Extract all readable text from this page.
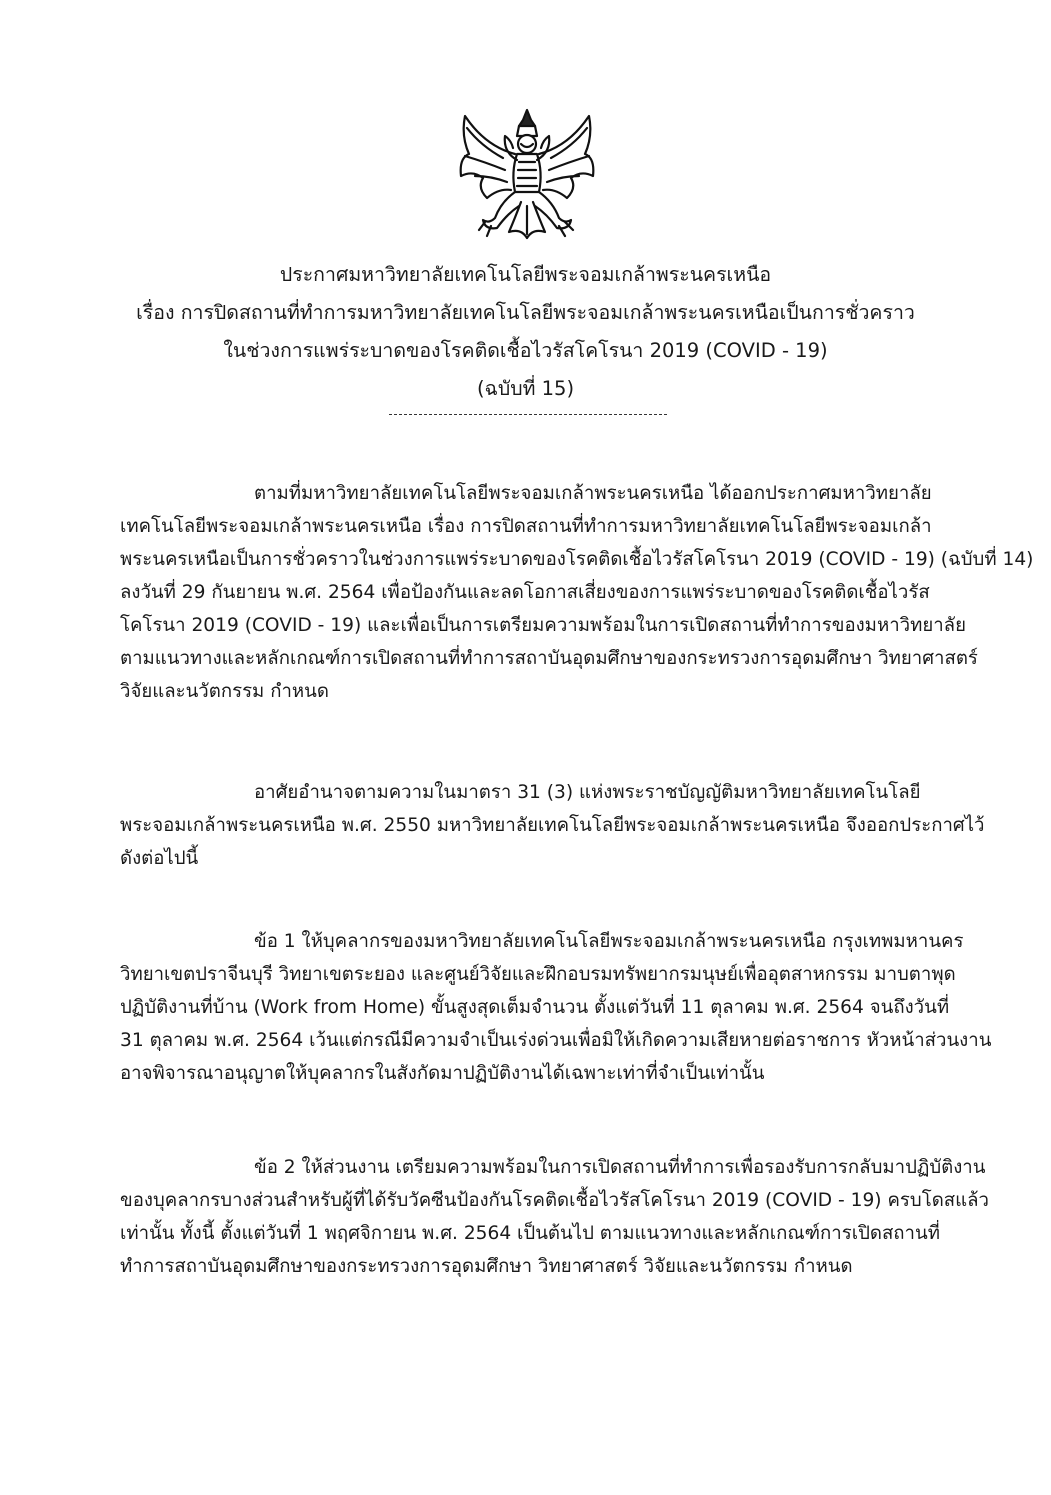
ประกาศมหาวิทยาลัยเทคโนโลยีพระจอมเกล้าพระนครเหนือ
เรื่อง การปิดสถานที่ทำการมหาวิทยาลัยเทคโนโลยีพระจอมเกล้าพระนครเหนือเป็นการชั่วคราว
ในช่วงการแพร่ระบาดของโรคติดเชื้อไวรัสโคโรนา 2019 (COVID - 19)
(ฉบับที่ 15)
ตามที่มหาวิทยาลัยเทคโนโลยีพระจอมเกล้าพระนครเหนือ ได้ออกประกาศมหาวิทยาลัย
เทคโนโลยีพระจอมเกล้าพระนครเหนือ เรื่อง การปิดสถานที่ทำการมหาวิทยาลัยเทคโนโลยีพระจอมเกล้า
พระนครเหนือเป็นการชั่วคราวในช่วงการแพร่ระบาดของโรคติดเชื้อไวรัสโคโรนา 2019 (COVID - 19) (ฉบับที่ 14)
ลงวันที่ 29 กันยายน พ.ศ. 2564 เพื่อป้องกันและลดโอกาสเสี่ยงของการแพร่ระบาดของโรคติดเชื้อไวรัส
โคโรนา 2019 (COVID - 19) และเพื่อเป็นการเตรียมความพร้อมในการเปิดสถานที่ทำการของมหาวิทยาลัย
ตามแนวทางและหลักเกณฑ์การเปิดสถานที่ทำการสถาบันอุดมศึกษาของกระทรวงการอุดมศึกษา วิทยาศาสตร์
วิจัยและนวัตกรรม กำหนด
อาศัยอำนาจตามความในมาตรา 31 (3) แห่งพระราชบัญญัติมหาวิทยาลัยเทคโนโลยี
พระจอมเกล้าพระนครเหนือ พ.ศ. 2550 มหาวิทยาลัยเทคโนโลยีพระจอมเกล้าพระนครเหนือ จึงออกประกาศไว้
ดังต่อไปนี้
ข้อ 1 ให้บุคลากรของมหาวิทยาลัยเทคโนโลยีพระจอมเกล้าพระนครเหนือ กรุงเทพมหานคร
วิทยาเขตปราจีนบุรี วิทยาเขตระยอง และศูนย์วิจัยและฝึกอบรมทรัพยากรมนุษย์เพื่ออุตสาหกรรม มาบตาพุด
ปฏิบัติงานที่บ้าน (Work from Home) ขั้นสูงสุดเต็มจำนวน ตั้งแต่วันที่ 11 ตุลาคม พ.ศ. 2564 จนถึงวันที่
31 ตุลาคม พ.ศ. 2564 เว้นแต่กรณีมีความจำเป็นเร่งด่วนเพื่อมิให้เกิดความเสียหายต่อราชการ หัวหน้าส่วนงาน
อาจพิจารณาอนุญาตให้บุคลากรในสังกัดมาปฏิบัติงานได้เฉพาะเท่าที่จำเป็นเท่านั้น
ข้อ 2 ให้ส่วนงาน เตรียมความพร้อมในการเปิดสถานที่ทำการเพื่อรองรับการกลับมาปฏิบัติงาน
ของบุคลากรบางส่วนสำหรับผู้ที่ได้รับวัคซีนป้องกันโรคติดเชื้อไวรัสโคโรนา 2019 (COVID - 19) ครบโดสแล้ว
เท่านั้น ทั้งนี้ ตั้งแต่วันที่ 1 พฤศจิกายน พ.ศ. 2564 เป็นต้นไป ตามแนวทางและหลักเกณฑ์การเปิดสถานที่
ทำการสถาบันอุดมศึกษาของกระทรวงการอุดมศึกษา วิทยาศาสตร์ วิจัยและนวัตกรรม กำหนด
